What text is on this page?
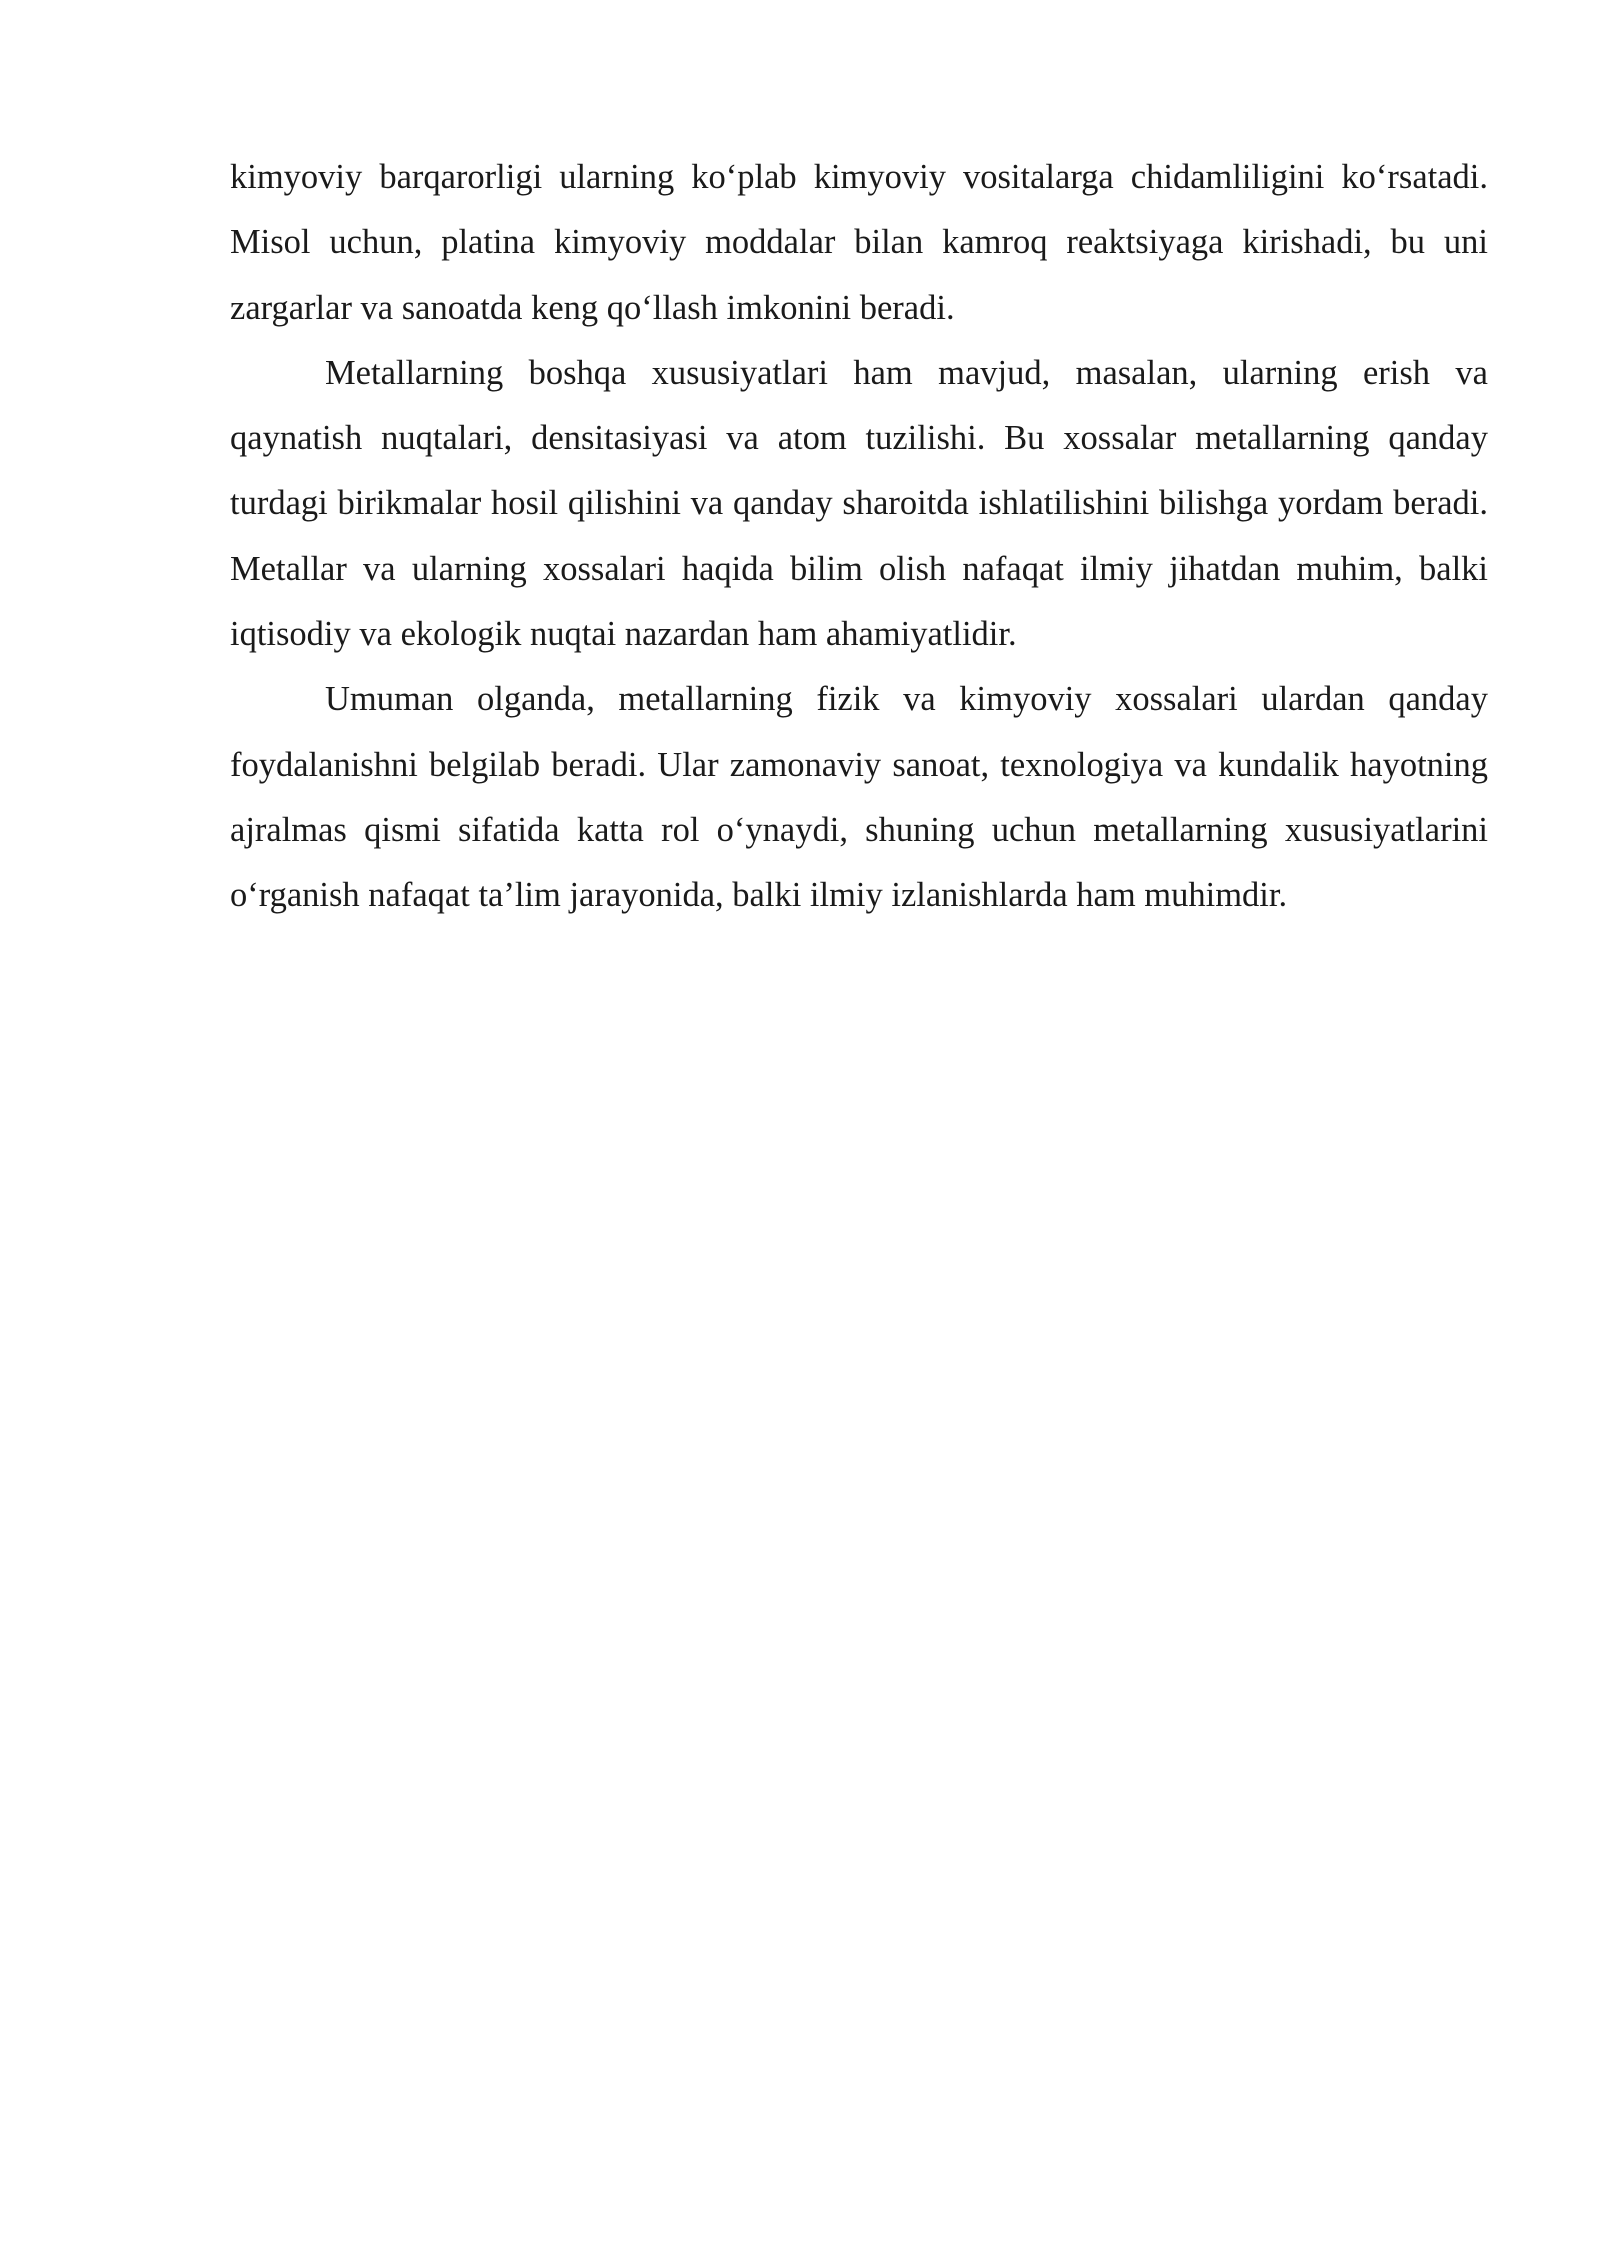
kimyoviy barqarorligi ularning ko‘plab kimyoviy vositalarga chidamliligini ko‘rsatadi. Misol uchun, platina kimyoviy moddalar bilan kamroq reaktsiyaga kirishadi, bu uni zargarlar va sanoatda keng qo‘llash imkonini beradi.

Metallarning boshqa xususiyatlari ham mavjud, masalan, ularning erish va qaynatish nuqtalari, densitasiyasi va atom tuzilishi. Bu xossalar metallarning qanday turdagi birikmalar hosil qilishini va qanday sharoitda ishlatilishini bilishga yordam beradi. Metallar va ularning xossalari haqida bilim olish nafaqat ilmiy jihatdan muhim, balki iqtisodiy va ekologik nuqtai nazardan ham ahamiyatlidir.

Umuman olganda, metallarning fizik va kimyoviy xossalari ulardan qanday foydalanishni belgilab beradi. Ular zamonaviy sanoat, texnologiya va kundalik hayotning ajralmas qismi sifatida katta rol o‘ynaydi, shuning uchun metallarning xususiyatlarini o‘rganish nafaqat ta’lim jarayonida, balki ilmiy izlanishlarda ham muhimdir.
